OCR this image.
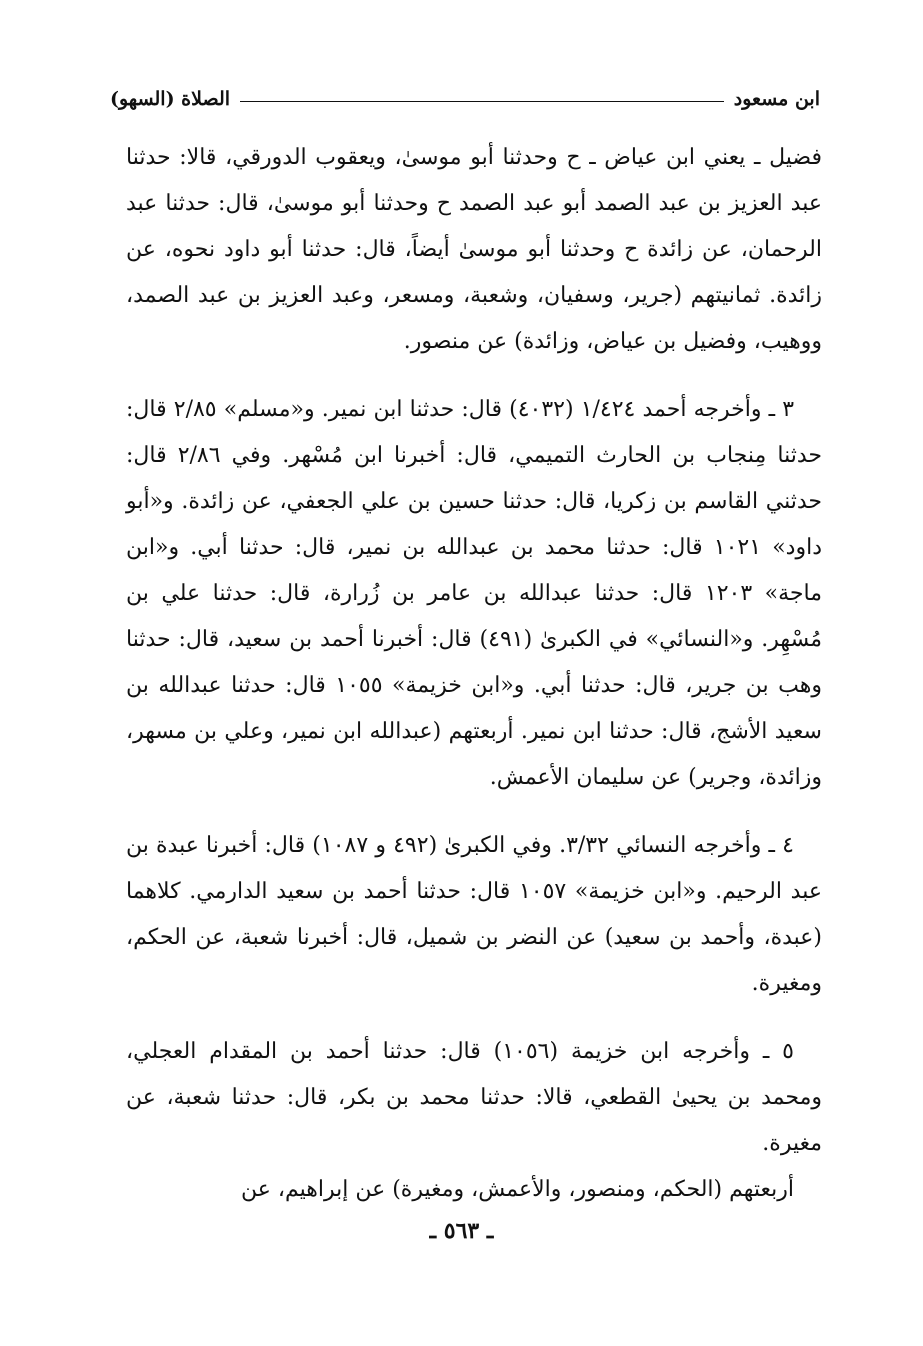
الصلاة (السهو)	ابن مسعود

فضيل ـ يعني ابن عياض ـ ح وحدثنا أبو موسىٰ، ويعقوب الدورقي، قالا: حدثنا عبد العزيز بن عبد الصمد أبو عبد الصمد ح وحدثنا أبو موسىٰ، قال: حدثنا عبد الرحمان، عن زائدة ح وحدثنا أبو موسىٰ أيضاً، قال: حدثنا أبو داود نحوه، عن زائدة. ثمانيتهم (جرير، وسفيان، وشعبة، ومسعر، وعبد العزيز بن عبد الصمد، ووهيب، وفضيل بن عياض، وزائدة) عن منصور.

٣ ـ وأخرجه أحمد ١/٤٢٤ (٤٠٣٢) قال: حدثنا ابن نمير. و«مسلم» ٢/٨٥ قال: حدثنا مِنجاب بن الحارث التميمي، قال: أخبرنا ابن مُسْهر. وفي ٢/٨٦ قال: حدثني القاسم بن زكريا، قال: حدثنا حسين بن علي الجعفي، عن زائدة. و«أبو داود» ١٠٢١ قال: حدثنا محمد بن عبدالله بن نمير، قال: حدثنا أبي. و«ابن ماجة» ١٢٠٣ قال: حدثنا عبدالله بن عامر بن زُرارة، قال: حدثنا علي بن مُسْهِر. و«النسائي» في الكبرىٰ (٤٩١) قال: أخبرنا أحمد بن سعيد، قال: حدثنا وهب بن جرير، قال: حدثنا أبي. و«ابن خزيمة» ١٠٥٥ قال: حدثنا عبدالله بن سعيد الأشج، قال: حدثنا ابن نمير. أربعتهم (عبدالله ابن نمير، وعلي بن مسهر، وزائدة، وجرير) عن سليمان الأعمش.

٤ ـ وأخرجه النسائي ٣/٣٢. وفي الكبرىٰ (٤٩٢ و ١٠٨٧) قال: أخبرنا عبدة بن عبد الرحيم. و«ابن خزيمة» ١٠٥٧ قال: حدثنا أحمد بن سعيد الدارمي. كلاهما (عبدة، وأحمد بن سعيد) عن النضر بن شميل، قال: أخبرنا شعبة، عن الحكم، ومغيرة.

٥ ـ وأخرجه ابن خزيمة (١٠٥٦) قال: حدثنا أحمد بن المقدام العجلي، ومحمد بن يحيىٰ القطعي، قالا: حدثنا محمد بن بكر، قال: حدثنا شعبة، عن مغيرة.

أربعتهم (الحكم، ومنصور، والأعمش، ومغيرة) عن إبراهيم، عن

ـ ٥٦٣ ـ
